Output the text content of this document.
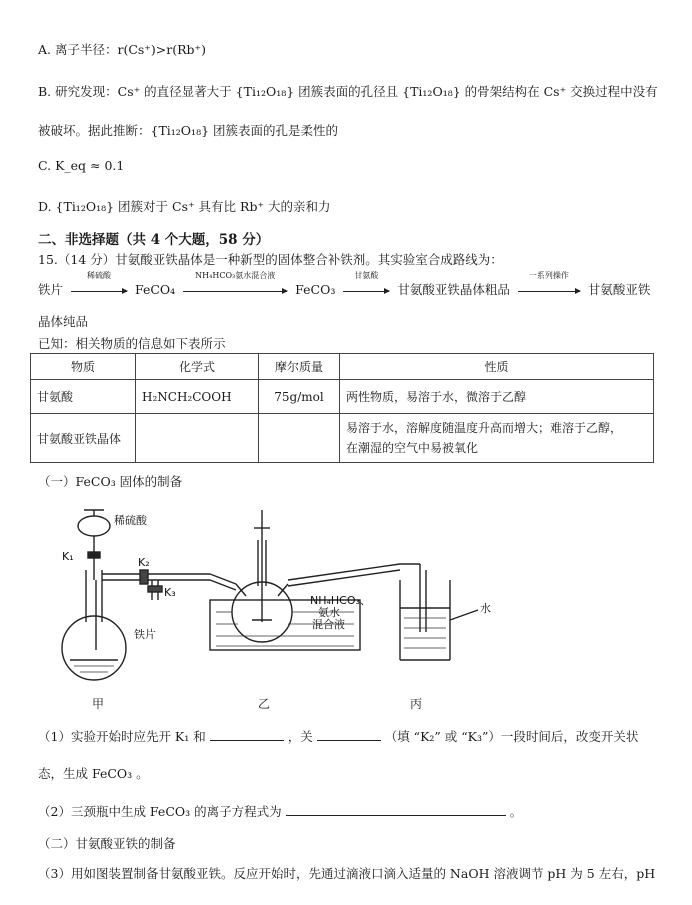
A. 离子半径：r(Cs⁺)>r(Rb⁺)
B. 研究发现：Cs⁺ 的直径显著大于 {Ti₁₂O₁₈} 团簇表面的孔径且 {Ti₁₂O₁₈} 的骨架结构在 Cs⁺ 交换过程中没有
被破坏。据此推断：{Ti₁₂O₁₈} 团簇表面的孔是柔性的
C. K_eq ≈ 0.1
D. {Ti₁₂O₁₈} 团簇对于 Cs⁺ 具有比 Rb⁺ 大的亲和力
二、非选择题（共 4 个大题，58 分）
15.（14 分）甘氨酸亚铁晶体是一种新型的固体整合补铁剂。其实验室合成路线为：
铁片
稀硫酸
FeCO₄
NH₄HCO₃氨水混合液
FeCO₃
甘氨酸
甘氨酸亚铁晶体粗品
一系列操作
甘氨酸亚铁
晶体纯品
已知：相关物质的信息如下表所示
物质	化学式	摩尔质量	性质
甘氨酸	H₂NCH₂COOH	75g/mol	两性物质，易溶于水，微溶于乙醇
甘氨酸亚铁晶体			易溶于水，溶解度随温度升高而增大；难溶于乙醇，
在潮湿的空气中易被氧化
（一）FeCO₃ 固体的制备
稀硫酸
K₁	K₂
K₃
铁片
NH₄HCO₃、
氨水
混合液
水
甲	乙	丙
（1）实验开始时应先开 K₁ 和	，关	（填 “K₂” 或 “K₃”）一段时间后，改变开关状
态，生成 FeCO₃ 。
（2）三颈瓶中生成 FeCO₃ 的离子方程式为	。
（二）甘氨酸亚铁的制备
（3）用如图装置制备甘氨酸亚铁。反应开始时，先通过滴液口滴入适量的 NaOH 溶液调节 pH 为 5 左右，pH
